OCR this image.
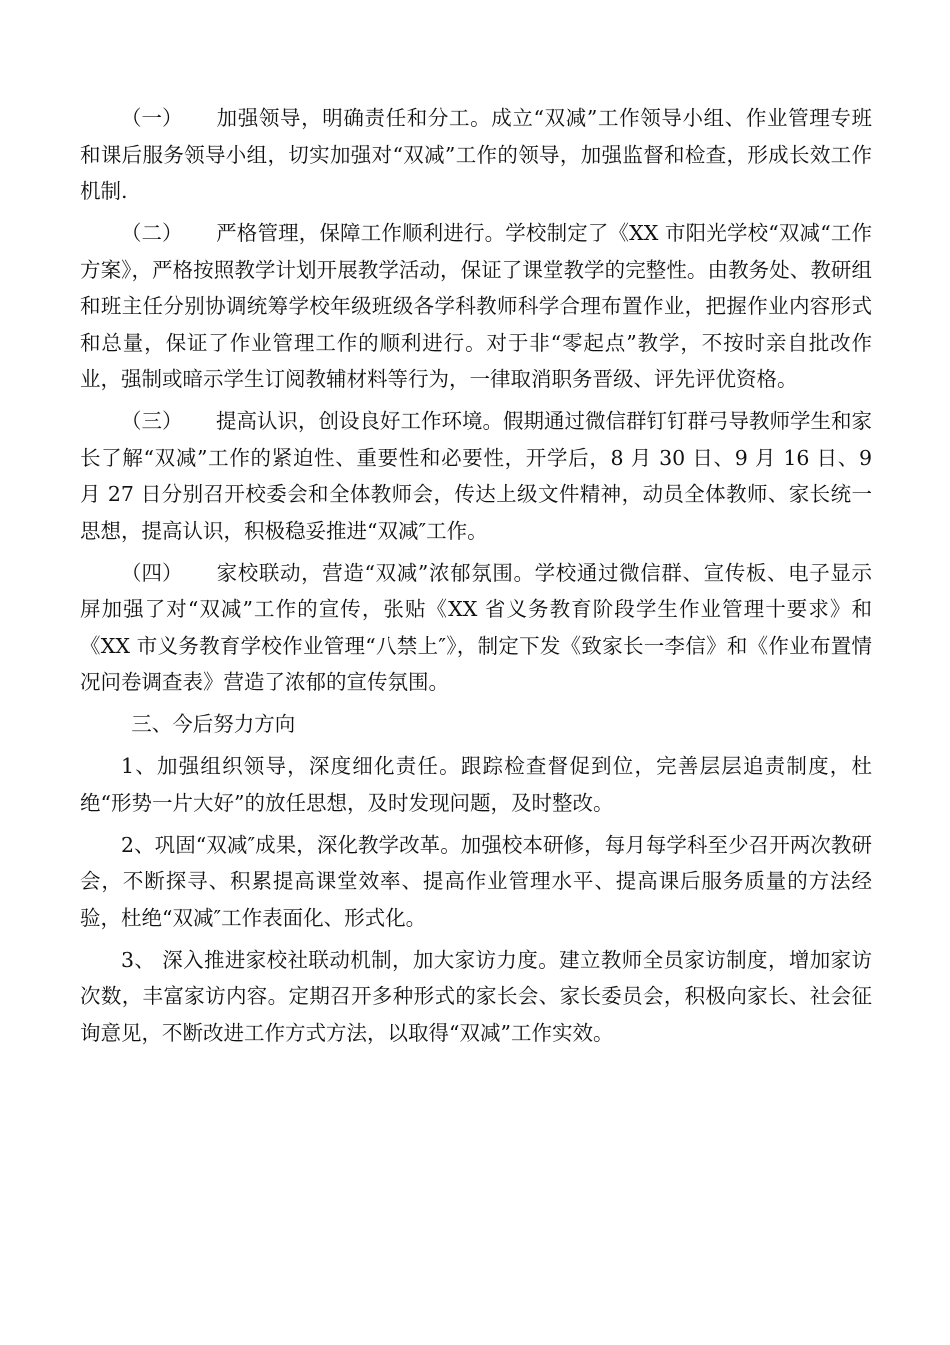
（一） 加强领导，明确责任和分工。成立“双减”工作领导小组、作业管理专班和课后服务领导小组，切实加强对“双减”工作的领导，加强监督和检查，形成长效工作机制.

（二） 严格管理，保障工作顺利进行。学校制定了《XX 市阳光学校“双减“工作方案》，严格按照教学计划开展教学活动，保证了课堂教学的完整性。由教务处、教研组和班主任分别协调统筹学校年级班级各学科教师科学合理布置作业，把握作业内容形式和总量，保证了作业管理工作的顺利进行。对于非“零起点”教学，不按时亲自批改作业，强制或暗示学生订阅教辅材料等行为，一律取消职务晋级、评先评优资格。

（三） 提高认识，创设良好工作环境。假期通过微信群钉钉群弓导教师学生和家长了解“双减”工作的紧迫性、重要性和必要性，开学后，8 月 30 日、9 月 16 日、9 月 27 日分别召开校委会和全体教师会，传达上级文件精神，动员全体教师、家长统一思想，提高认识，积极稳妥推进“双减″工作。

（四） 家校联动，营造“双减”浓郁氛围。学校通过微信群、宣传板、电子显示屏加强了对“双减”工作的宣传，张贴《XX 省义务教育阶段学生作业管理十要求》和《XX 市义务教育学校作业管理“八禁上″》，制定下发《致家长一李信》和《作业布置情况问卷调查表》营造了浓郁的宣传氛围。

三、今后努力方向

1、加强组织领导，深度细化责任。跟踪检查督促到位，完善层层追责制度，杜绝“形势一片大好”的放任思想，及时发现问题，及时整改。

2、巩固“双减″成果，深化教学改革。加强校本研修，每月每学科至少召开两次教研会，不断探寻、积累提高课堂效率、提高作业管理水平、提高课后服务质量的方法经验，杜绝“双减″工作表面化、形式化。

3、 深入推进家校社联动机制，加大家访力度。建立教师全员家访制度，增加家访次数，丰富家访内容。定期召开多种形式的家长会、家长委员会，积极向家长、社会征询意见，不断改进工作方式方法，以取得“双减”工作实效。
